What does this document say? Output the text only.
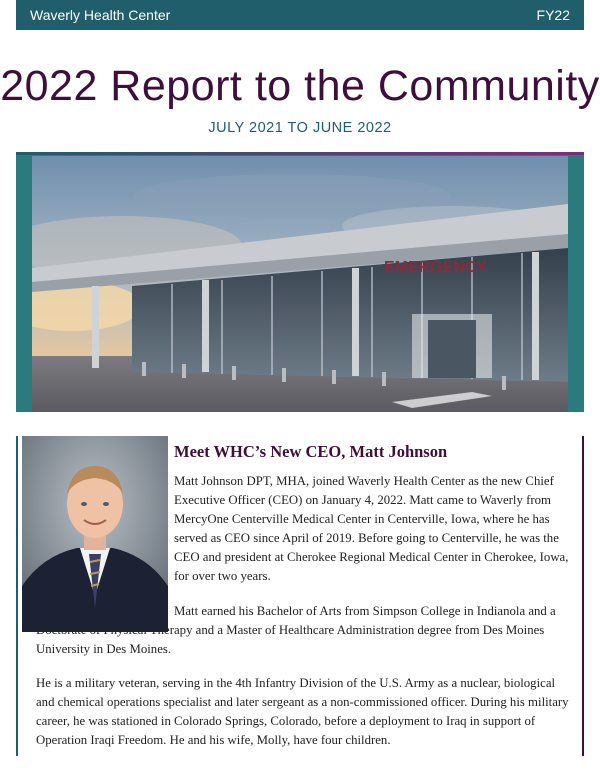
Waverly Health Center	FY22
2022 Report to the Community
JULY 2021 TO JUNE 2022
EMERGENCY
Meet WHC’s New CEO, Matt Johnson

Matt Johnson DPT, MHA, joined Waverly Health Center as the new Chief Executive Officer (CEO) on January 4, 2022. Matt came to Waverly from MercyOne Centerville Medical Center in Centerville, Iowa, where he has served as CEO since April of 2019. Before going to Centerville, he was the CEO and president at Cherokee Regional Medical Center in Cherokee, Iowa, for over two years.

Matt earned his Bachelor of Arts from Simpson College in Indianola and a Doctorate of Physical Therapy and a Master of Healthcare Administration degree from Des Moines University in Des Moines.

He is a military veteran, serving in the 4th Infantry Division of the U.S. Army as a nuclear, biological and chemical operations specialist and later sergeant as a non-commissioned officer. During his military career, he was stationed in Colorado Springs, Colorado, before a deployment to Iraq in support of Operation Iraqi Freedom. He and his wife, Molly, have four children.
